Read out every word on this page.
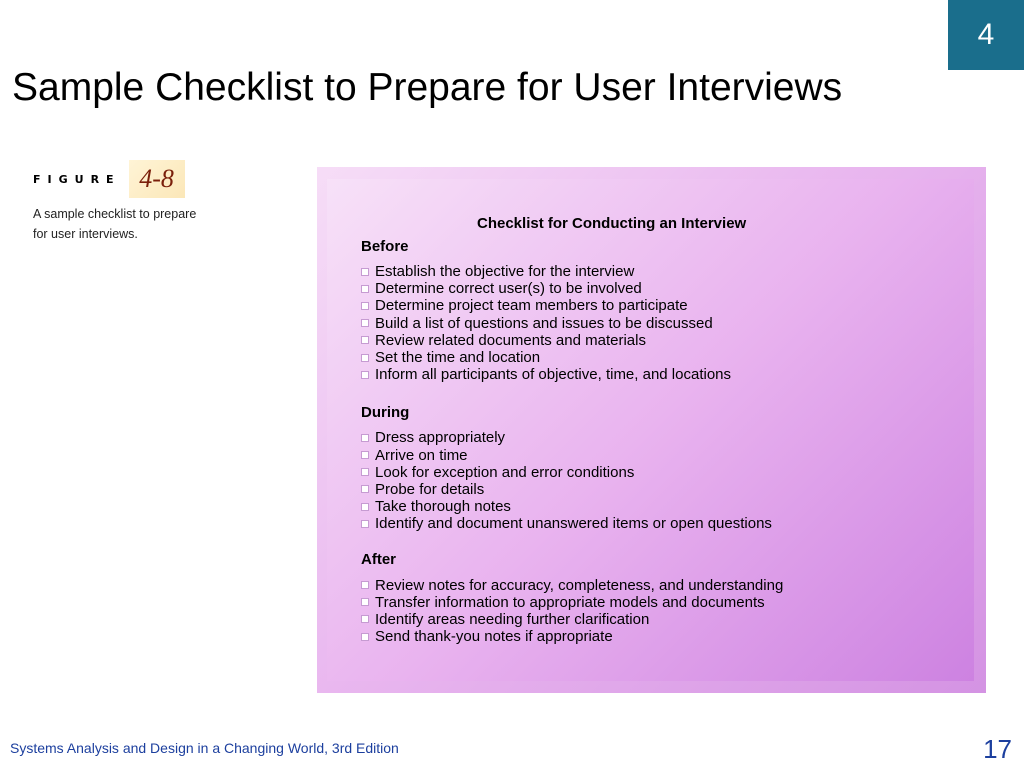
4
Sample Checklist to Prepare for User Interviews
FIGURE 4-8
A sample checklist to prepare
for user interviews.
Checklist for Conducting an Interview
Before
Establish the objective for the interview
Determine correct user(s) to be involved
Determine project team members to participate
Build a list of questions and issues to be discussed
Review related documents and materials
Set the time and location
Inform all participants of objective, time, and locations
During
Dress appropriately
Arrive on time
Look for exception and error conditions
Probe for details
Take thorough notes
Identify and document unanswered items or open questions
After
Review notes for accuracy, completeness, and understanding
Transfer information to appropriate models and documents
Identify areas needing further clarification
Send thank-you notes if appropriate
Systems Analysis and Design in a Changing World, 3rd Edition	17
